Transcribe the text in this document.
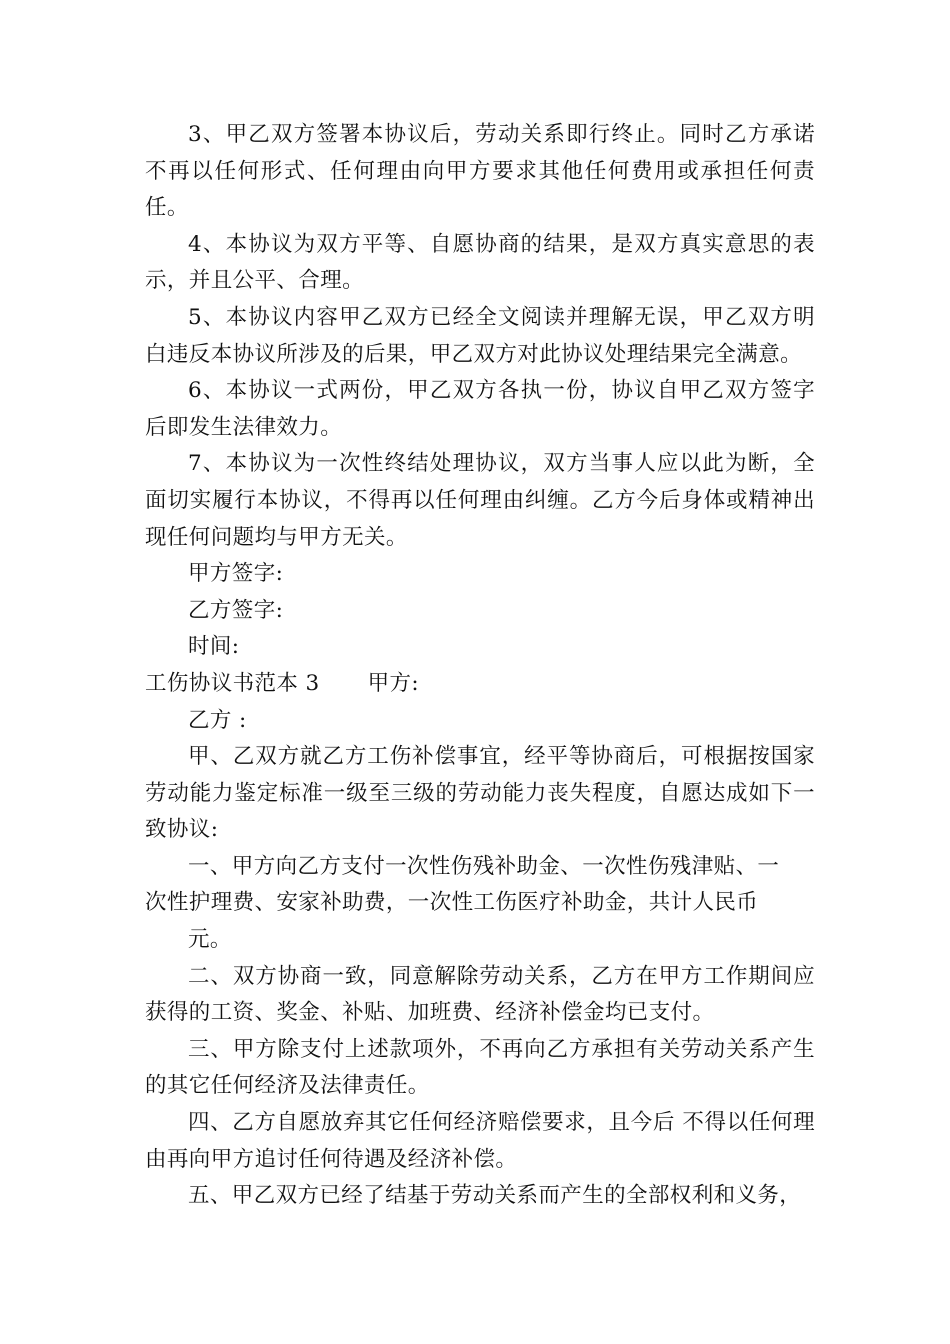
3、甲乙双方签署本协议后，劳动关系即行终止。同时乙方承诺不再以任何形式、任何理由向甲方要求其他任何费用或承担任何责任。

4、本协议为双方平等、自愿协商的结果，是双方真实意思的表示，并且公平、合理。

5、本协议内容甲乙双方已经全文阅读并理解无误，甲乙双方明白违反本协议所涉及的后果，甲乙双方对此协议处理结果完全满意。

6、本协议一式两份，甲乙双方各执一份，协议自甲乙双方签字后即发生法律效力。

7、本协议为一次性终结处理协议，双方当事人应以此为断，全面切实履行本协议，不得再以任何理由纠缠。乙方今后身体或精神出现任何问题均与甲方无关。

甲方签字:

乙方签字:

时间:

工伤协议书范本 3 甲方:

乙方 :

甲、乙双方就乙方工伤补偿事宜，经平等协商后，可根据按国家劳动能力鉴定标准一级至三级的劳动能力丧失程度，自愿达成如下一致协议:

一、甲方向乙方支付一次性伤残补助金、一次性伤残津贴、一

次性护理费、安家补助费，一次性工伤医疗补助金，共计人民币

元。

二、双方协商一致，同意解除劳动关系，乙方在甲方工作期间应获得的工资、奖金、补贴、加班费、经济补偿金均已支付。

三、甲方除支付上述款项外，不再向乙方承担有关劳动关系产生的其它任何经济及法律责任。

四、乙方自愿放弃其它任何经济赔偿要求，且今后 不得以任何理由再向甲方追讨任何待遇及经济补偿。

五、甲乙双方已经了结基于劳动关系而产生的全部权利和义务，
